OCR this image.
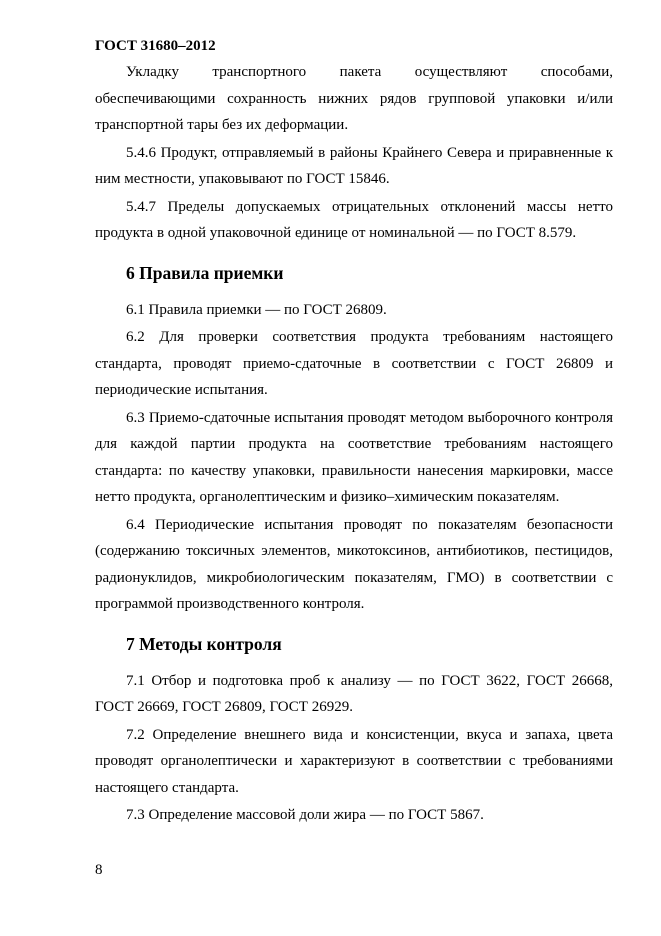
ГОСТ 31680–2012

Укладку транспортного пакета осуществляют способами, обеспечивающими сохранность нижних рядов групповой упаковки и/или транспортной тары без их деформации.

5.4.6 Продукт, отправляемый в районы Крайнего Севера и приравненные к ним местности, упаковывают по ГОСТ 15846.

5.4.7 Пределы допускаемых отрицательных отклонений массы нетто продукта в одной упаковочной единице от номинальной — по ГОСТ 8.579.

6 Правила приемки

6.1 Правила приемки — по ГОСТ 26809.

6.2 Для проверки соответствия продукта требованиям настоящего стандарта, проводят приемо-сдаточные в соответствии с ГОСТ 26809 и периодические испытания.

6.3 Приемо-сдаточные испытания проводят методом выборочного контроля для каждой партии продукта на соответствие требованиям настоящего стандарта: по качеству упаковки, правильности нанесения маркировки, массе нетто продукта, органолептическим и физико–химическим показателям.

6.4 Периодические испытания проводят по показателям безопасности (содержанию токсичных элементов, микотоксинов, антибиотиков, пестицидов, радионуклидов, микробиологическим показателям, ГМО) в соответствии с программой производственного контроля.

7 Методы контроля

7.1 Отбор и подготовка проб к анализу — по ГОСТ 3622, ГОСТ 26668, ГОСТ 26669, ГОСТ 26809, ГОСТ 26929.

7.2 Определение внешнего вида и консистенции, вкуса и запаха, цвета проводят органолептически и характеризуют в соответствии с требованиями настоящего стандарта.

7.3 Определение массовой доли жира — по ГОСТ 5867.

8
